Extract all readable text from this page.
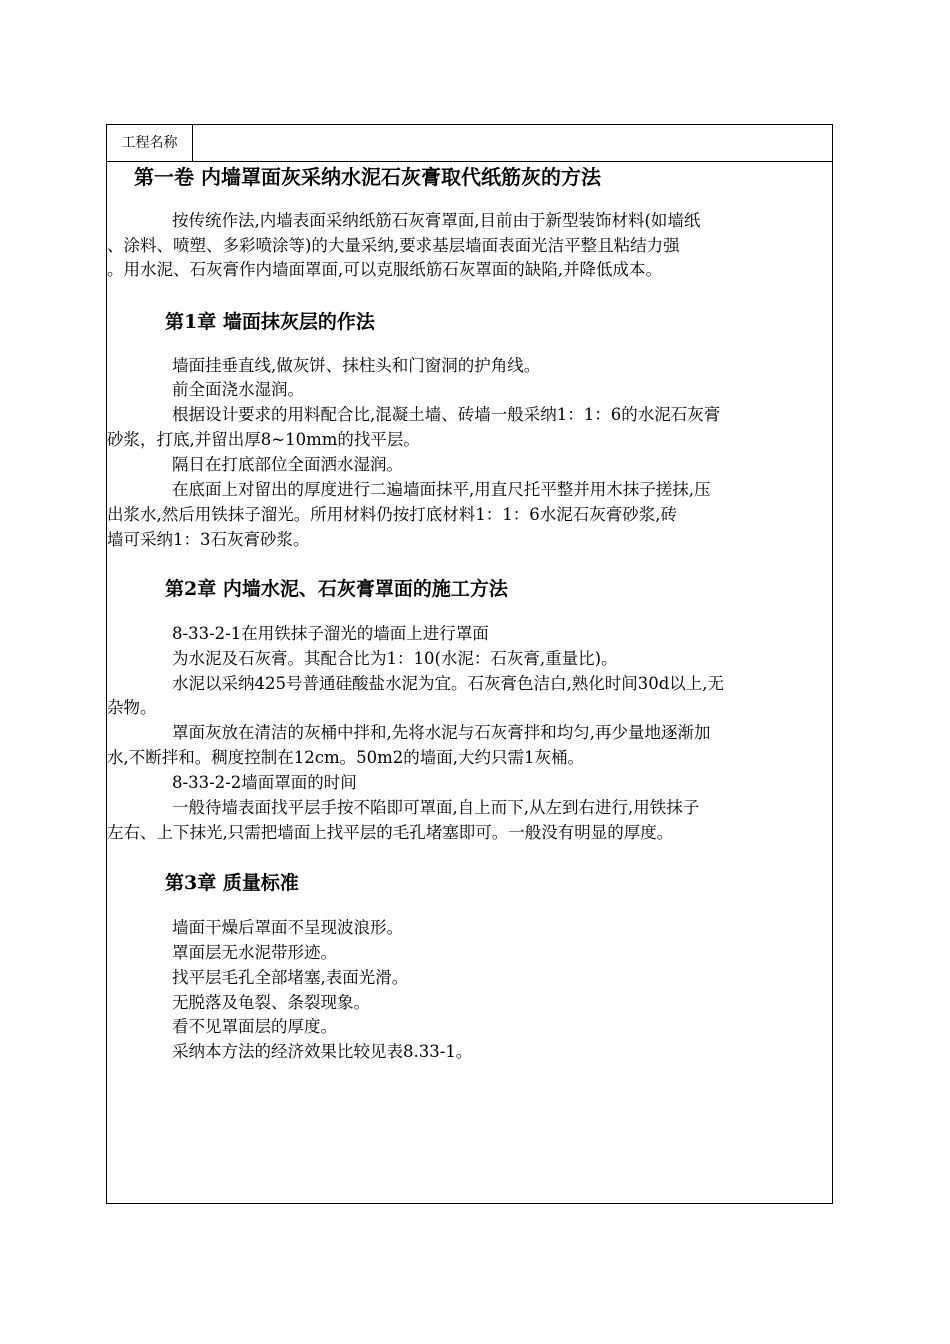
工程名称
第一卷 内墙罩面灰采纳水泥石灰膏取代纸筋灰的方法
按传统作法,内墙表面采纳纸筋石灰膏罩面,目前由于新型装饰材料(如墙纸
、涂料、喷塑、多彩喷涂等)的大量采纳,要求基层墙面表面光洁平整且粘结力强
。用水泥、石灰膏作内墙面罩面,可以克服纸筋石灰罩面的缺陷,并降低成本。
第1章 墙面抹灰层的作法
墙面挂垂直线,做灰饼、抹柱头和门窗洞的护角线。
前全面浇水湿润。
根据设计要求的用料配合比,混凝土墙、砖墙一般采纳1：1：6的水泥石灰膏
砂浆，打底,并留出厚8~10mm的找平层。
隔日在打底部位全面洒水湿润。
在底面上对留出的厚度进行二遍墙面抹平,用直尺托平整并用木抹子搓抹,压
出浆水,然后用铁抹子溜光。所用材料仍按打底材料1：1：6水泥石灰膏砂浆,砖
墙可采纳1：3石灰膏砂浆。
第2章 内墙水泥、石灰膏罩面的施工方法
8-33-2-1在用铁抹子溜光的墙面上进行罩面
为水泥及石灰膏。其配合比为1：10(水泥：石灰膏,重量比)。
水泥以采纳425号普通硅酸盐水泥为宜。石灰膏色洁白,熟化时间30d以上,无
杂物。
罩面灰放在清洁的灰桶中拌和,先将水泥与石灰膏拌和均匀,再少量地逐渐加
水,不断拌和。稠度控制在12cm。50m2的墙面,大约只需1灰桶。
8-33-2-2墙面罩面的时间
一般待墙表面找平层手按不陷即可罩面,自上而下,从左到右进行,用铁抹子
左右、上下抹光,只需把墙面上找平层的毛孔堵塞即可。一般没有明显的厚度。
第3章 质量标准
墙面干燥后罩面不呈现波浪形。
罩面层无水泥带形迹。
找平层毛孔全部堵塞,表面光滑。
无脱落及龟裂、条裂现象。
看不见罩面层的厚度。
采纳本方法的经济效果比较见表8.33-1。
